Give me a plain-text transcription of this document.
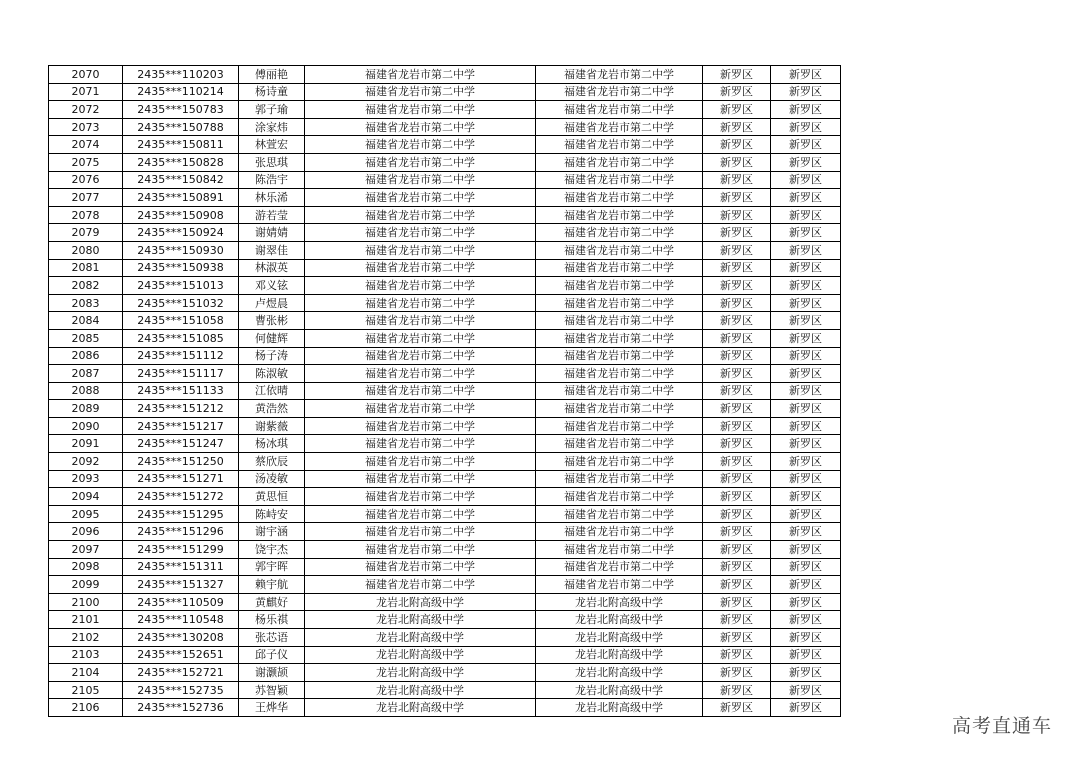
2070	2435***110203	傅丽艳	福建省龙岩市第二中学	福建省龙岩市第二中学	新罗区	新罗区
2071	2435***110214	杨诗童	福建省龙岩市第二中学	福建省龙岩市第二中学	新罗区	新罗区
2072	2435***150783	郭子瑜	福建省龙岩市第二中学	福建省龙岩市第二中学	新罗区	新罗区
2073	2435***150788	涂家炜	福建省龙岩市第二中学	福建省龙岩市第二中学	新罗区	新罗区
2074	2435***150811	林萱宏	福建省龙岩市第二中学	福建省龙岩市第二中学	新罗区	新罗区
2075	2435***150828	张思琪	福建省龙岩市第二中学	福建省龙岩市第二中学	新罗区	新罗区
2076	2435***150842	陈浩宇	福建省龙岩市第二中学	福建省龙岩市第二中学	新罗区	新罗区
2077	2435***150891	林乐浠	福建省龙岩市第二中学	福建省龙岩市第二中学	新罗区	新罗区
2078	2435***150908	游若莹	福建省龙岩市第二中学	福建省龙岩市第二中学	新罗区	新罗区
2079	2435***150924	谢婧婧	福建省龙岩市第二中学	福建省龙岩市第二中学	新罗区	新罗区
2080	2435***150930	谢翠佳	福建省龙岩市第二中学	福建省龙岩市第二中学	新罗区	新罗区
2081	2435***150938	林淑英	福建省龙岩市第二中学	福建省龙岩市第二中学	新罗区	新罗区
2082	2435***151013	邓义铉	福建省龙岩市第二中学	福建省龙岩市第二中学	新罗区	新罗区
2083	2435***151032	卢煜晨	福建省龙岩市第二中学	福建省龙岩市第二中学	新罗区	新罗区
2084	2435***151058	曹张彬	福建省龙岩市第二中学	福建省龙岩市第二中学	新罗区	新罗区
2085	2435***151085	何健辉	福建省龙岩市第二中学	福建省龙岩市第二中学	新罗区	新罗区
2086	2435***151112	杨子涛	福建省龙岩市第二中学	福建省龙岩市第二中学	新罗区	新罗区
2087	2435***151117	陈淑敏	福建省龙岩市第二中学	福建省龙岩市第二中学	新罗区	新罗区
2088	2435***151133	江依晴	福建省龙岩市第二中学	福建省龙岩市第二中学	新罗区	新罗区
2089	2435***151212	黄浩然	福建省龙岩市第二中学	福建省龙岩市第二中学	新罗区	新罗区
2090	2435***151217	谢紫薇	福建省龙岩市第二中学	福建省龙岩市第二中学	新罗区	新罗区
2091	2435***151247	杨冰琪	福建省龙岩市第二中学	福建省龙岩市第二中学	新罗区	新罗区
2092	2435***151250	蔡欣辰	福建省龙岩市第二中学	福建省龙岩市第二中学	新罗区	新罗区
2093	2435***151271	汤凌敏	福建省龙岩市第二中学	福建省龙岩市第二中学	新罗区	新罗区
2094	2435***151272	黄思恒	福建省龙岩市第二中学	福建省龙岩市第二中学	新罗区	新罗区
2095	2435***151295	陈峙安	福建省龙岩市第二中学	福建省龙岩市第二中学	新罗区	新罗区
2096	2435***151296	谢宇涵	福建省龙岩市第二中学	福建省龙岩市第二中学	新罗区	新罗区
2097	2435***151299	饶宇杰	福建省龙岩市第二中学	福建省龙岩市第二中学	新罗区	新罗区
2098	2435***151311	郭宇晖	福建省龙岩市第二中学	福建省龙岩市第二中学	新罗区	新罗区
2099	2435***151327	赖宇航	福建省龙岩市第二中学	福建省龙岩市第二中学	新罗区	新罗区
2100	2435***110509	黄麒好	龙岩北附高级中学	龙岩北附高级中学	新罗区	新罗区
2101	2435***110548	杨乐祺	龙岩北附高级中学	龙岩北附高级中学	新罗区	新罗区
2102	2435***130208	张芯语	龙岩北附高级中学	龙岩北附高级中学	新罗区	新罗区
2103	2435***152651	邱子仪	龙岩北附高级中学	龙岩北附高级中学	新罗区	新罗区
2104	2435***152721	谢灏颉	龙岩北附高级中学	龙岩北附高级中学	新罗区	新罗区
2105	2435***152735	苏智颖	龙岩北附高级中学	龙岩北附高级中学	新罗区	新罗区
2106	2435***152736	王烨华	龙岩北附高级中学	龙岩北附高级中学	新罗区	新罗区
高考直通车
